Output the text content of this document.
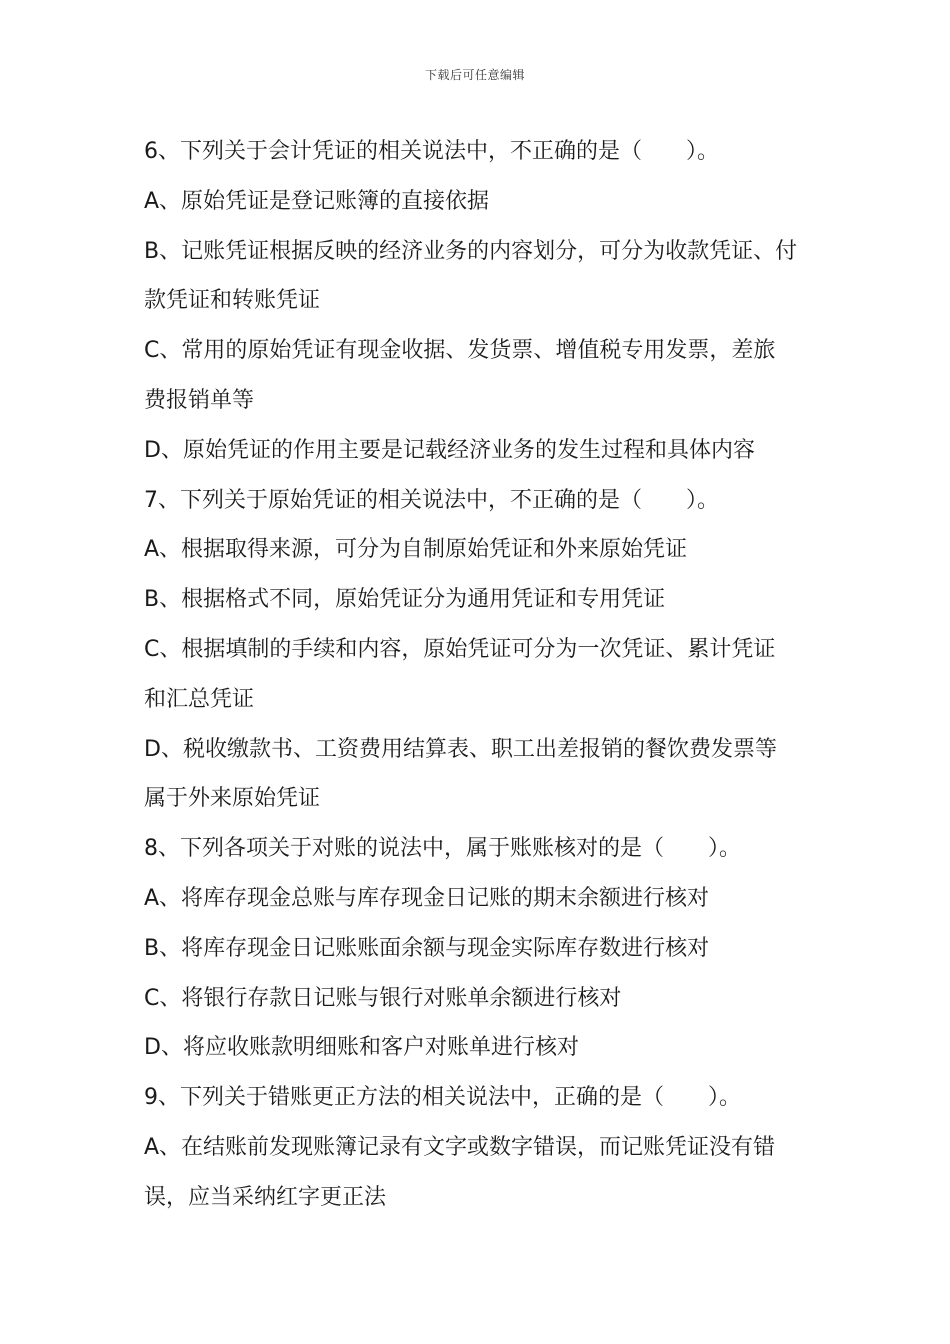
下载后可任意编辑
6、下列关于会计凭证的相关说法中，不正确的是（　　）。
A、原始凭证是登记账簿的直接依据
B、记账凭证根据反映的经济业务的内容划分，可分为收款凭证、付
款凭证和转账凭证
C、常用的原始凭证有现金收据、发货票、增值税专用发票，差旅
费报销单等
D、原始凭证的作用主要是记载经济业务的发生过程和具体内容
7、下列关于原始凭证的相关说法中，不正确的是（　　）。
A、根据取得来源，可分为自制原始凭证和外来原始凭证
B、根据格式不同，原始凭证分为通用凭证和专用凭证
C、根据填制的手续和内容，原始凭证可分为一次凭证、累计凭证
和汇总凭证
D、税收缴款书、工资费用结算表、职工出差报销的餐饮费发票等
属于外来原始凭证
8、下列各项关于对账的说法中，属于账账核对的是（　　）。
A、将库存现金总账与库存现金日记账的期末余额进行核对
B、将库存现金日记账账面余额与现金实际库存数进行核对
C、将银行存款日记账与银行对账单余额进行核对
D、将应收账款明细账和客户对账单进行核对
9、下列关于错账更正方法的相关说法中，正确的是（　　）。
A、在结账前发现账簿记录有文字或数字错误，而记账凭证没有错
误，应当采纳红字更正法
